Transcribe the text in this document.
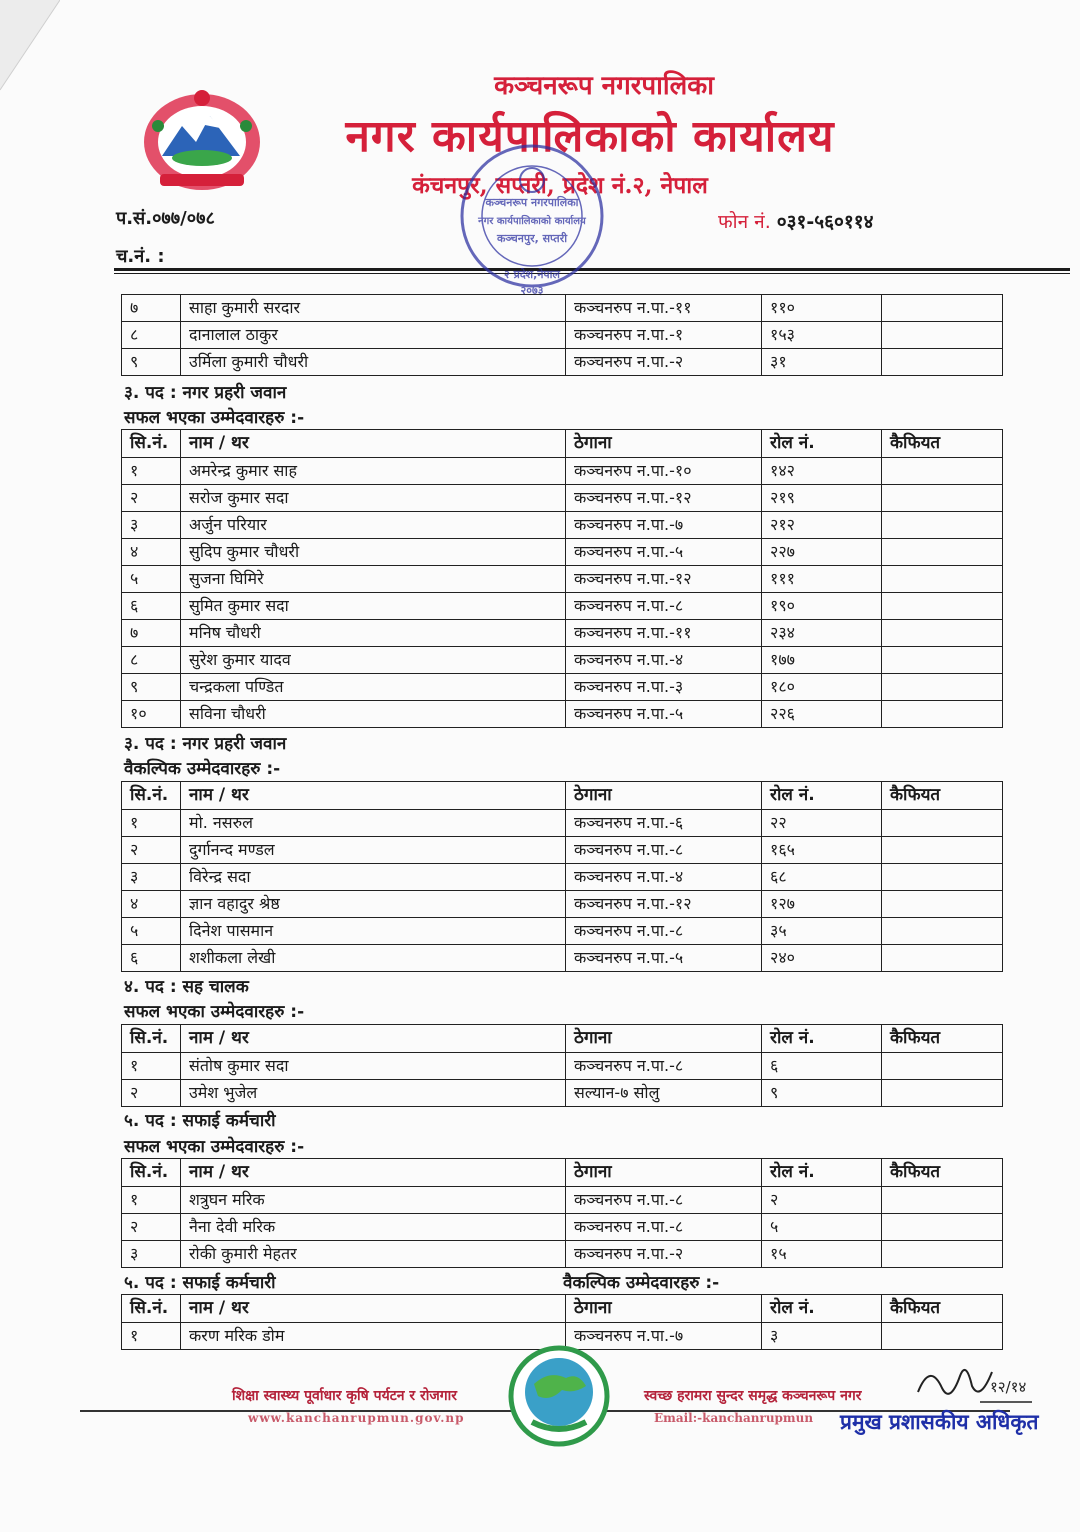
कञ्चनरूप नगरपालिका
नगर कार्यपालिकाको कार्यालय
कंचनपुर, सप्तरी, प्रदेश नं.२, नेपाल
प.सं.०७७/०७८
च.नं. :
फोन नं. ०३१-५६०११४
कञ्चनरूप नगरपालिका
नगर कार्यपालिकाको कार्यालय
कञ्चनपुर, सप्तरी
२ प्रदेश,नेपाल
२०७३
७	साहा कुमारी सरदार	कञ्चनरुप न.पा.-११	११०	
८	दानालाल ठाकुर	कञ्चनरुप न.पा.-१	१५३	
९	उर्मिला कुमारी चौधरी	कञ्चनरुप न.पा.-२	३१	
३. पद : नगर प्रहरी जवान
सफल भएका उम्मेदवारहरु :-
सि.नं.	नाम / थर	ठेगाना	रोल नं.	कैफियत
१	अमरेन्द्र कुमार साह	कञ्चनरुप न.पा.-१०	१४२	
२	सरोज कुमार सदा	कञ्चनरुप न.पा.-१२	२१९	
३	अर्जुन परियार	कञ्चनरुप न.पा.-७	२१२	
४	सुदिप कुमार चौधरी	कञ्चनरुप न.पा.-५	२२७	
५	सुजना घिमिरे	कञ्चनरुप न.पा.-१२	१११	
६	सुमित कुमार सदा	कञ्चनरुप न.पा.-८	१९०	
७	मनिष चौधरी	कञ्चनरुप न.पा.-११	२३४	
८	सुरेश कुमार यादव	कञ्चनरुप न.पा.-४	१७७	
९	चन्द्रकला पण्डित	कञ्चनरुप न.पा.-३	१८०	
१०	सविना चौधरी	कञ्चनरुप न.पा.-५	२२६	
३. पद : नगर प्रहरी जवान
वैकल्पिक उम्मेदवारहरु :-
सि.नं.	नाम / थर	ठेगाना	रोल नं.	कैफियत
१	मो. नसरुल	कञ्चनरुप न.पा.-६	२२	
२	दुर्गानन्द मण्डल	कञ्चनरुप न.पा.-८	१६५	
३	विरेन्द्र सदा	कञ्चनरुप न.पा.-४	६८	
४	ज्ञान वहादुर श्रेष्ठ	कञ्चनरुप न.पा.-१२	१२७	
५	दिनेश पासमान	कञ्चनरुप न.पा.-८	३५	
६	शशीकला लेखी	कञ्चनरुप न.पा.-५	२४०	
४. पद : सह चालक
सफल भएका उम्मेदवारहरु :-
सि.नं.	नाम / थर	ठेगाना	रोल नं.	कैफियत
१	संतोष कुमार सदा	कञ्चनरुप न.पा.-८	६	
२	उमेश भुजेल	सल्यान-७ सोलु	९	
५. पद : सफाई कर्मचारी
सफल भएका उम्मेदवारहरु :-
सि.नं.	नाम / थर	ठेगाना	रोल नं.	कैफियत
१	शत्रुघन मरिक	कञ्चनरुप न.पा.-८	२	
२	नैना देवी मरिक	कञ्चनरुप न.पा.-८	५	
३	रोकी कुमारी मेहतर	कञ्चनरुप न.पा.-२	१५	
५. पद : सफाई कर्मचारी	वैकल्पिक उम्मेदवारहरु :-
सि.नं.	नाम / थर	ठेगाना	रोल नं.	कैफियत
१	करण मरिक डोम	कञ्चनरुप न.पा.-७	३	
शिक्षा स्वास्थ्य पूर्वाधार कृषि पर्यटन र रोजगार	स्वच्छ हरामरा सुन्दर समृद्ध कञ्चनरूप नगर
www.kanchanrupmun.gov.np	Email:-kanchanrupmun प्रमुख प्रशासकीय अधिकृत
१२/१४
